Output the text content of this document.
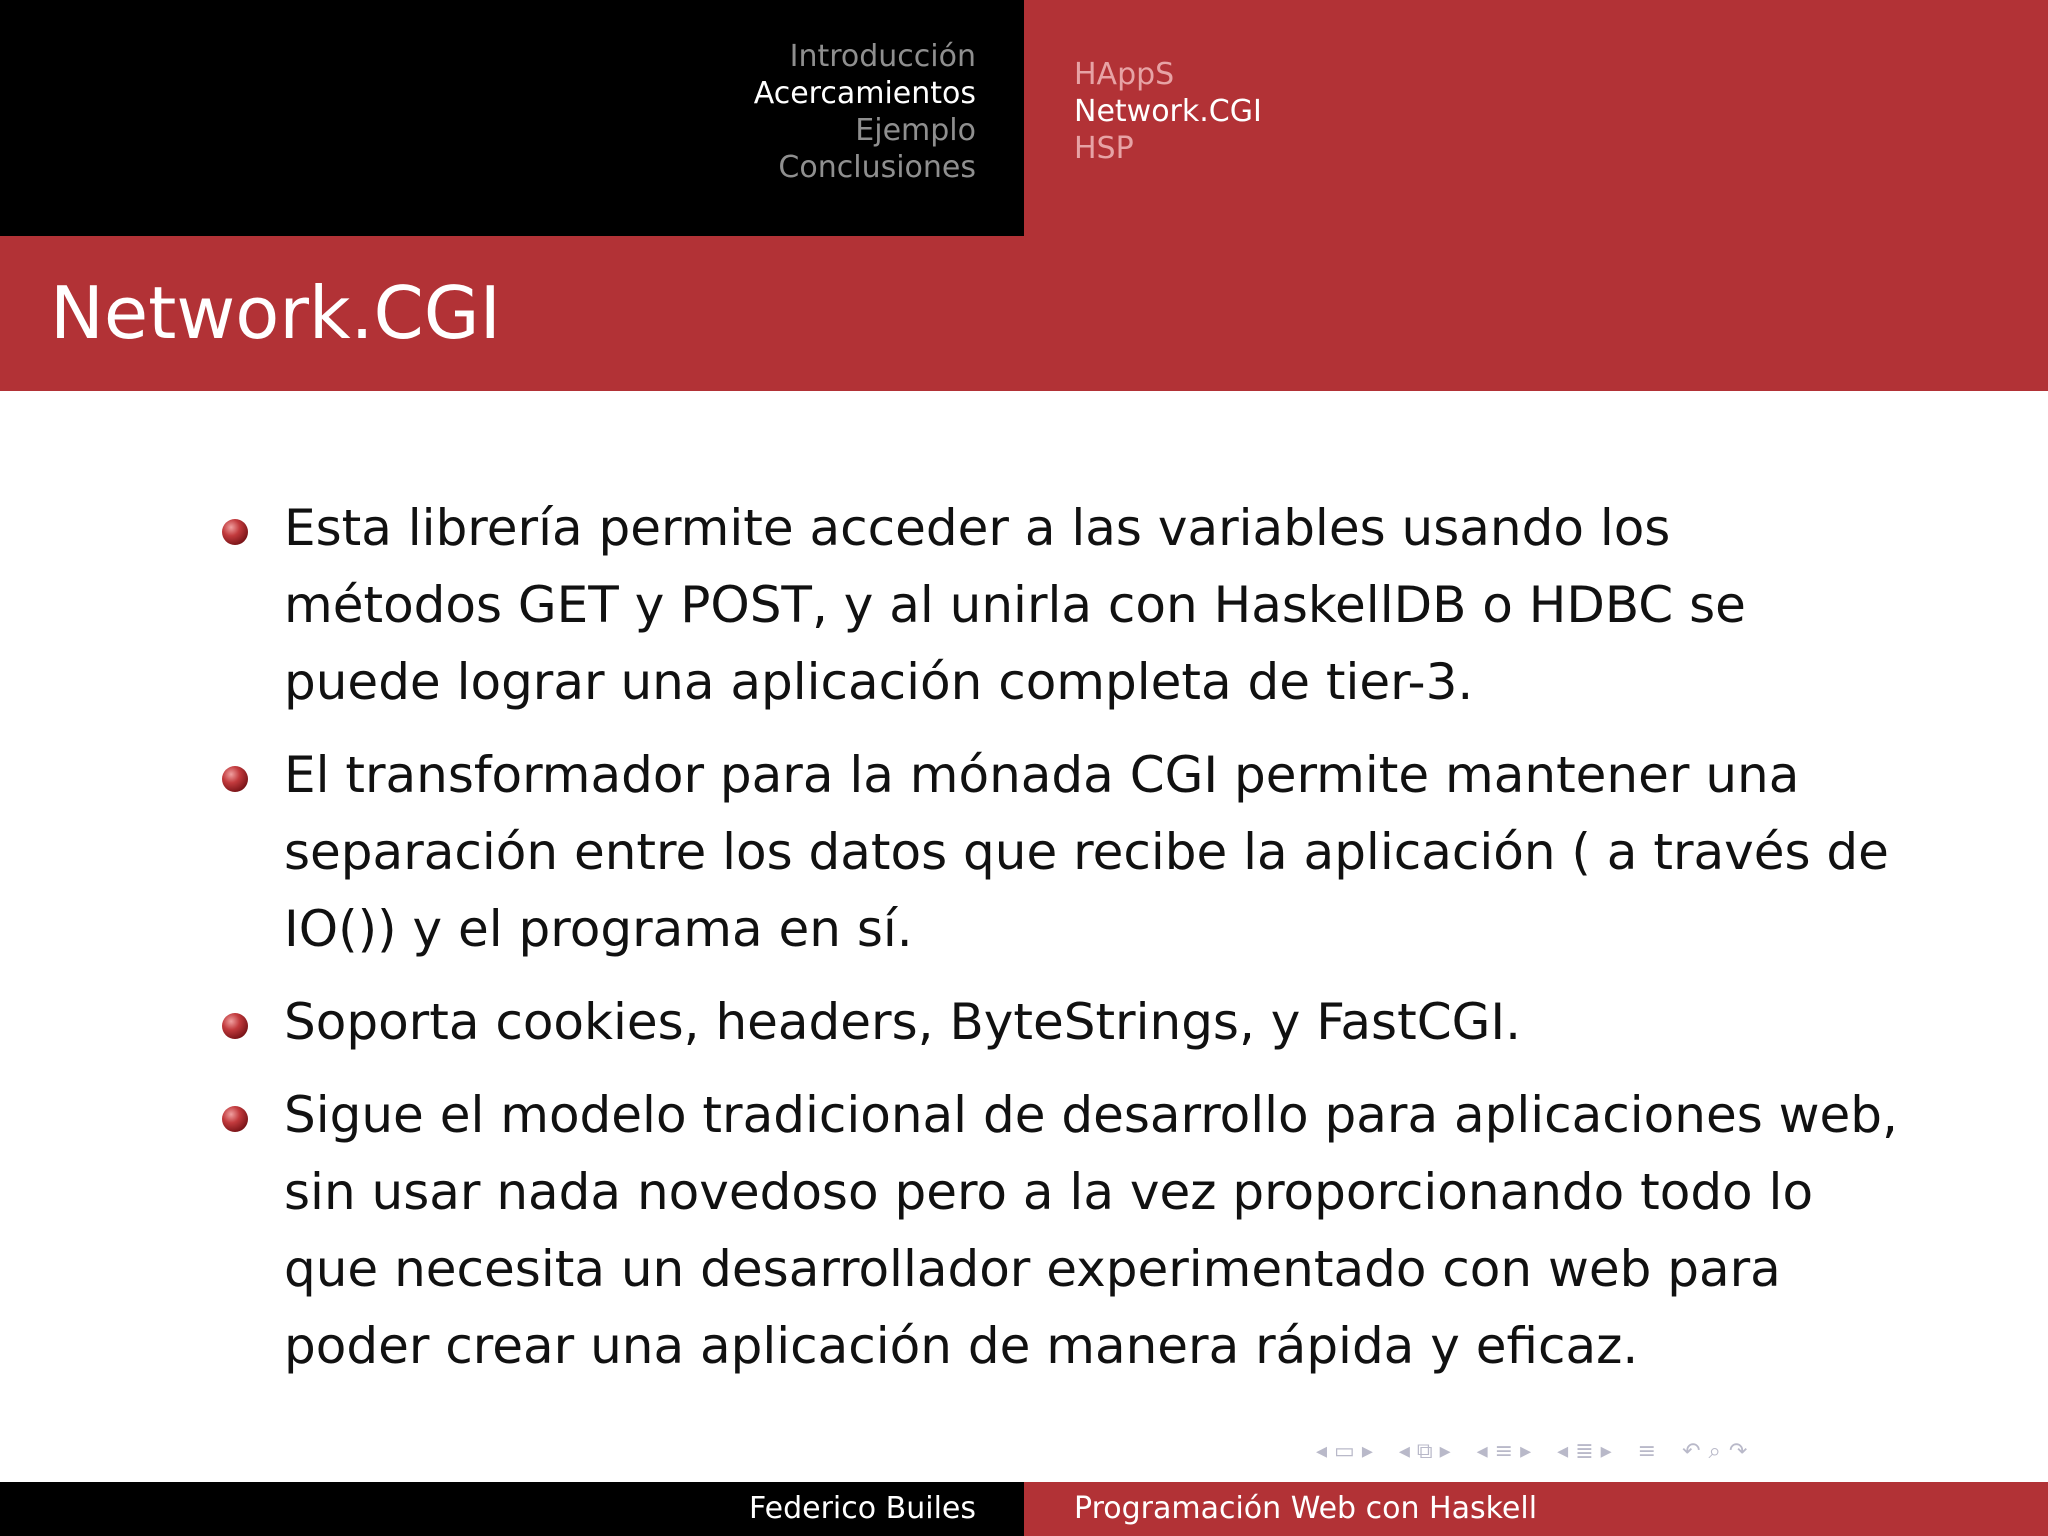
Introducción
Acercamientos
Ejemplo
Conclusiones
HAppS
Network.CGI
HSP
Network.CGI
Esta librería permite acceder a las variables usando los métodos GET y POST, y al unirla con HaskellDB o HDBC se puede lograr una aplicación completa de tier-3.
El transformador para la mónada CGI permite mantener una separación entre los datos que recibe la aplicación ( a través de IO()) y el programa en sí.
Soporta cookies, headers, ByteStrings, y FastCGI.
Sigue el modelo tradicional de desarrollo para aplicaciones web, sin usar nada novedoso pero a la vez proporcionando todo lo que necesita un desarrollador experimentado con web para poder crear una aplicación de manera rápida y eficaz.
◂ ▭ ▸ ◂ ⧉ ▸ ◂ ≡ ▸ ◂ ≣ ▸ ≡ ↶ ⌕ ↷
Federico Builes	Programación Web con Haskell
